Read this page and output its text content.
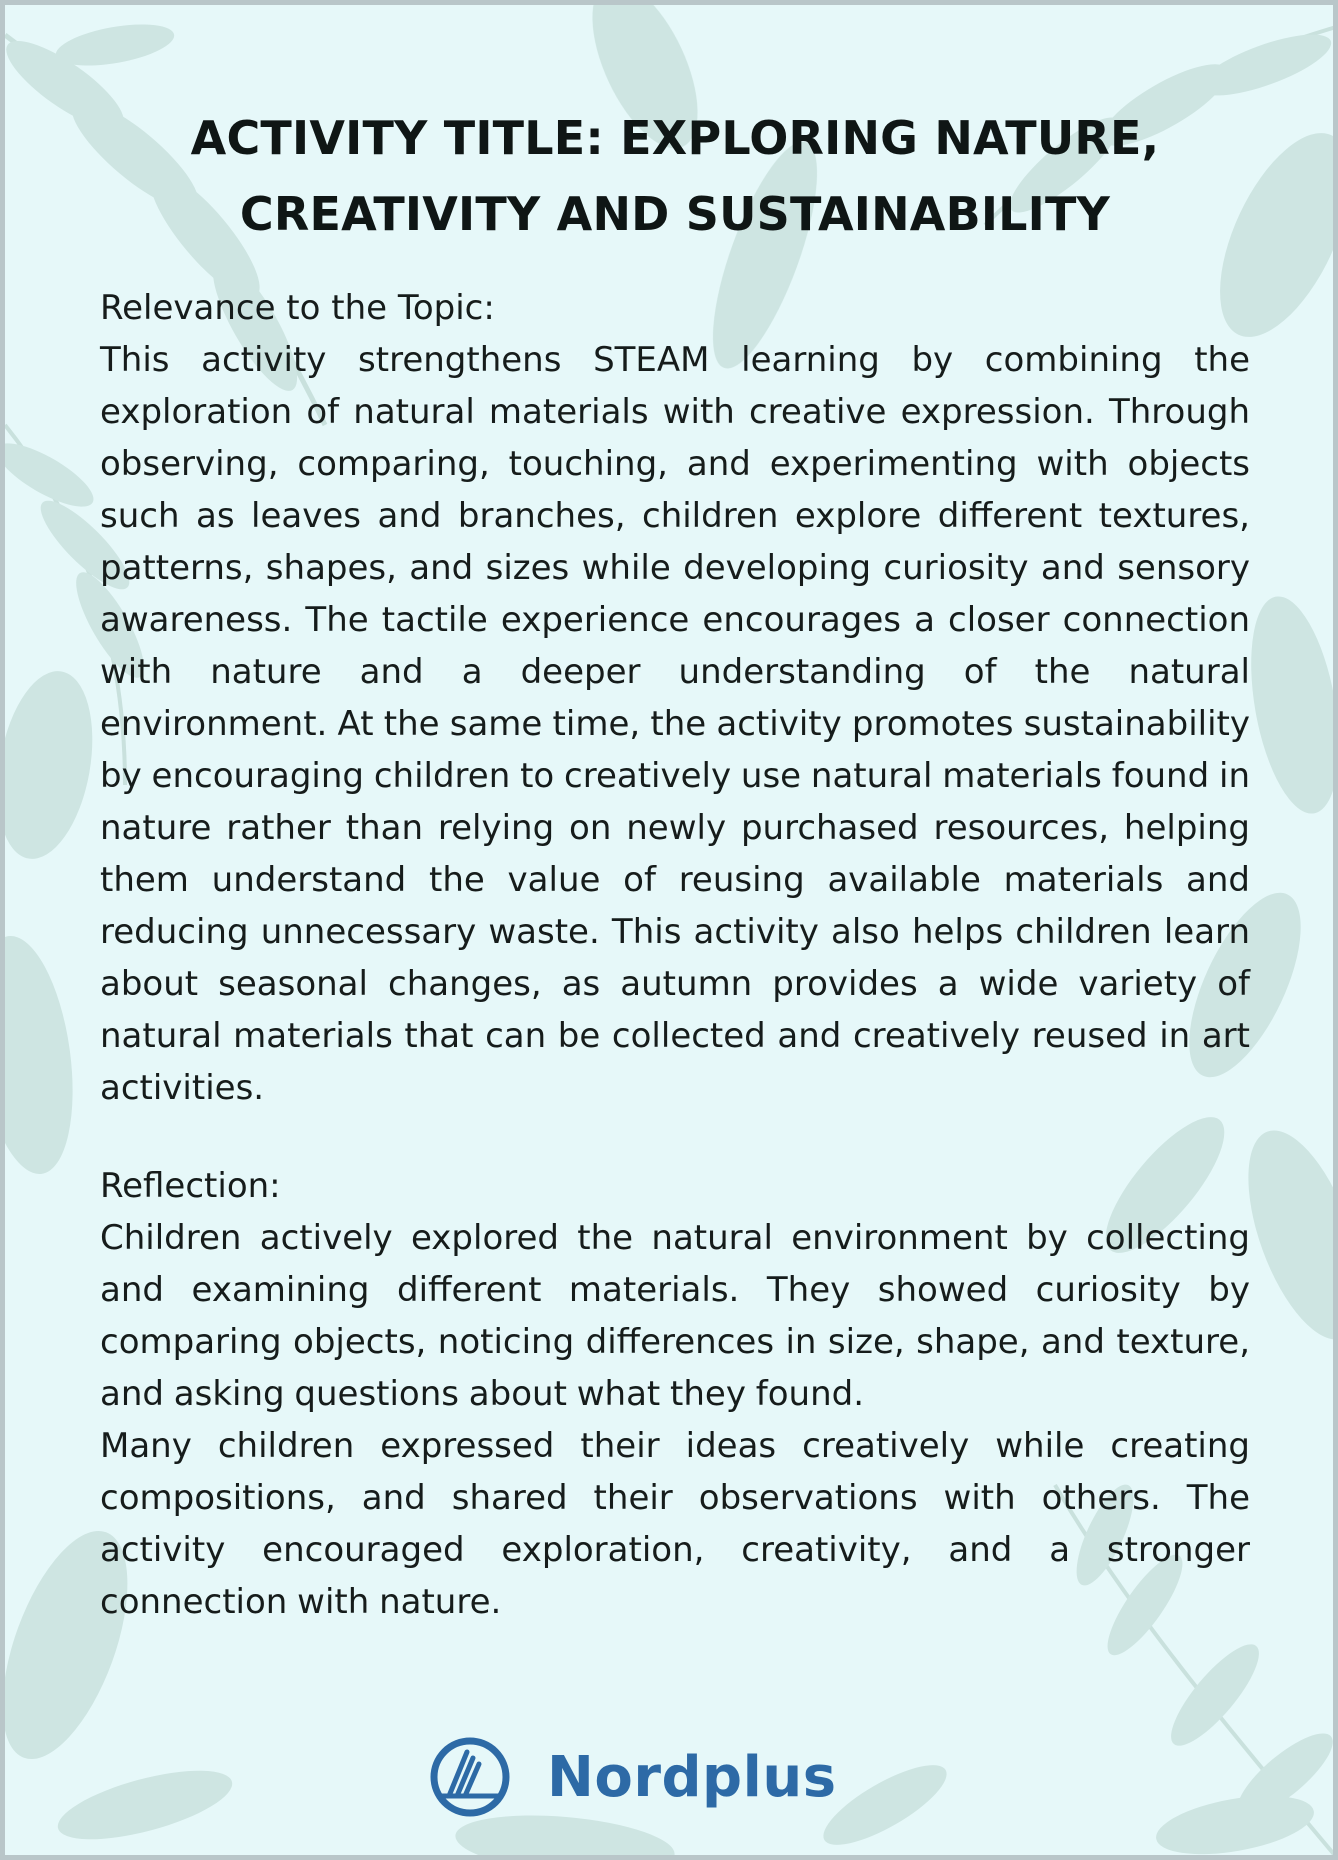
ACTIVITY TITLE: EXPLORING NATURE, CREATIVITY AND SUSTAINABILITY
Relevance to the Topic:

This activity strengthens STEAM learning by combining the exploration of natural materials with creative expression. Through observing, comparing, touching, and experimenting with objects such as leaves and branches, children explore different textures, patterns, shapes, and sizes while developing curiosity and sensory awareness. The tactile experience encourages a closer connection with nature and a deeper understanding of the natural environment. At the same time, the activity promotes sustainability by encouraging children to creatively use natural materials found in nature rather than relying on newly purchased resources, helping them understand the value of reusing available materials and reducing unnecessary waste. This activity also helps children learn about seasonal changes, as autumn provides a wide variety of natural materials that can be collected and creatively reused in art activities.

Reflection:

Children actively explored the natural environment by collecting and examining different materials. They showed curiosity by comparing objects, noticing differences in size, shape, and texture, and asking questions about what they found.

Many children expressed their ideas creatively while creating compositions, and shared their observations with others. The activity encouraged exploration, creativity, and a stronger connection with nature.

Nordplus
